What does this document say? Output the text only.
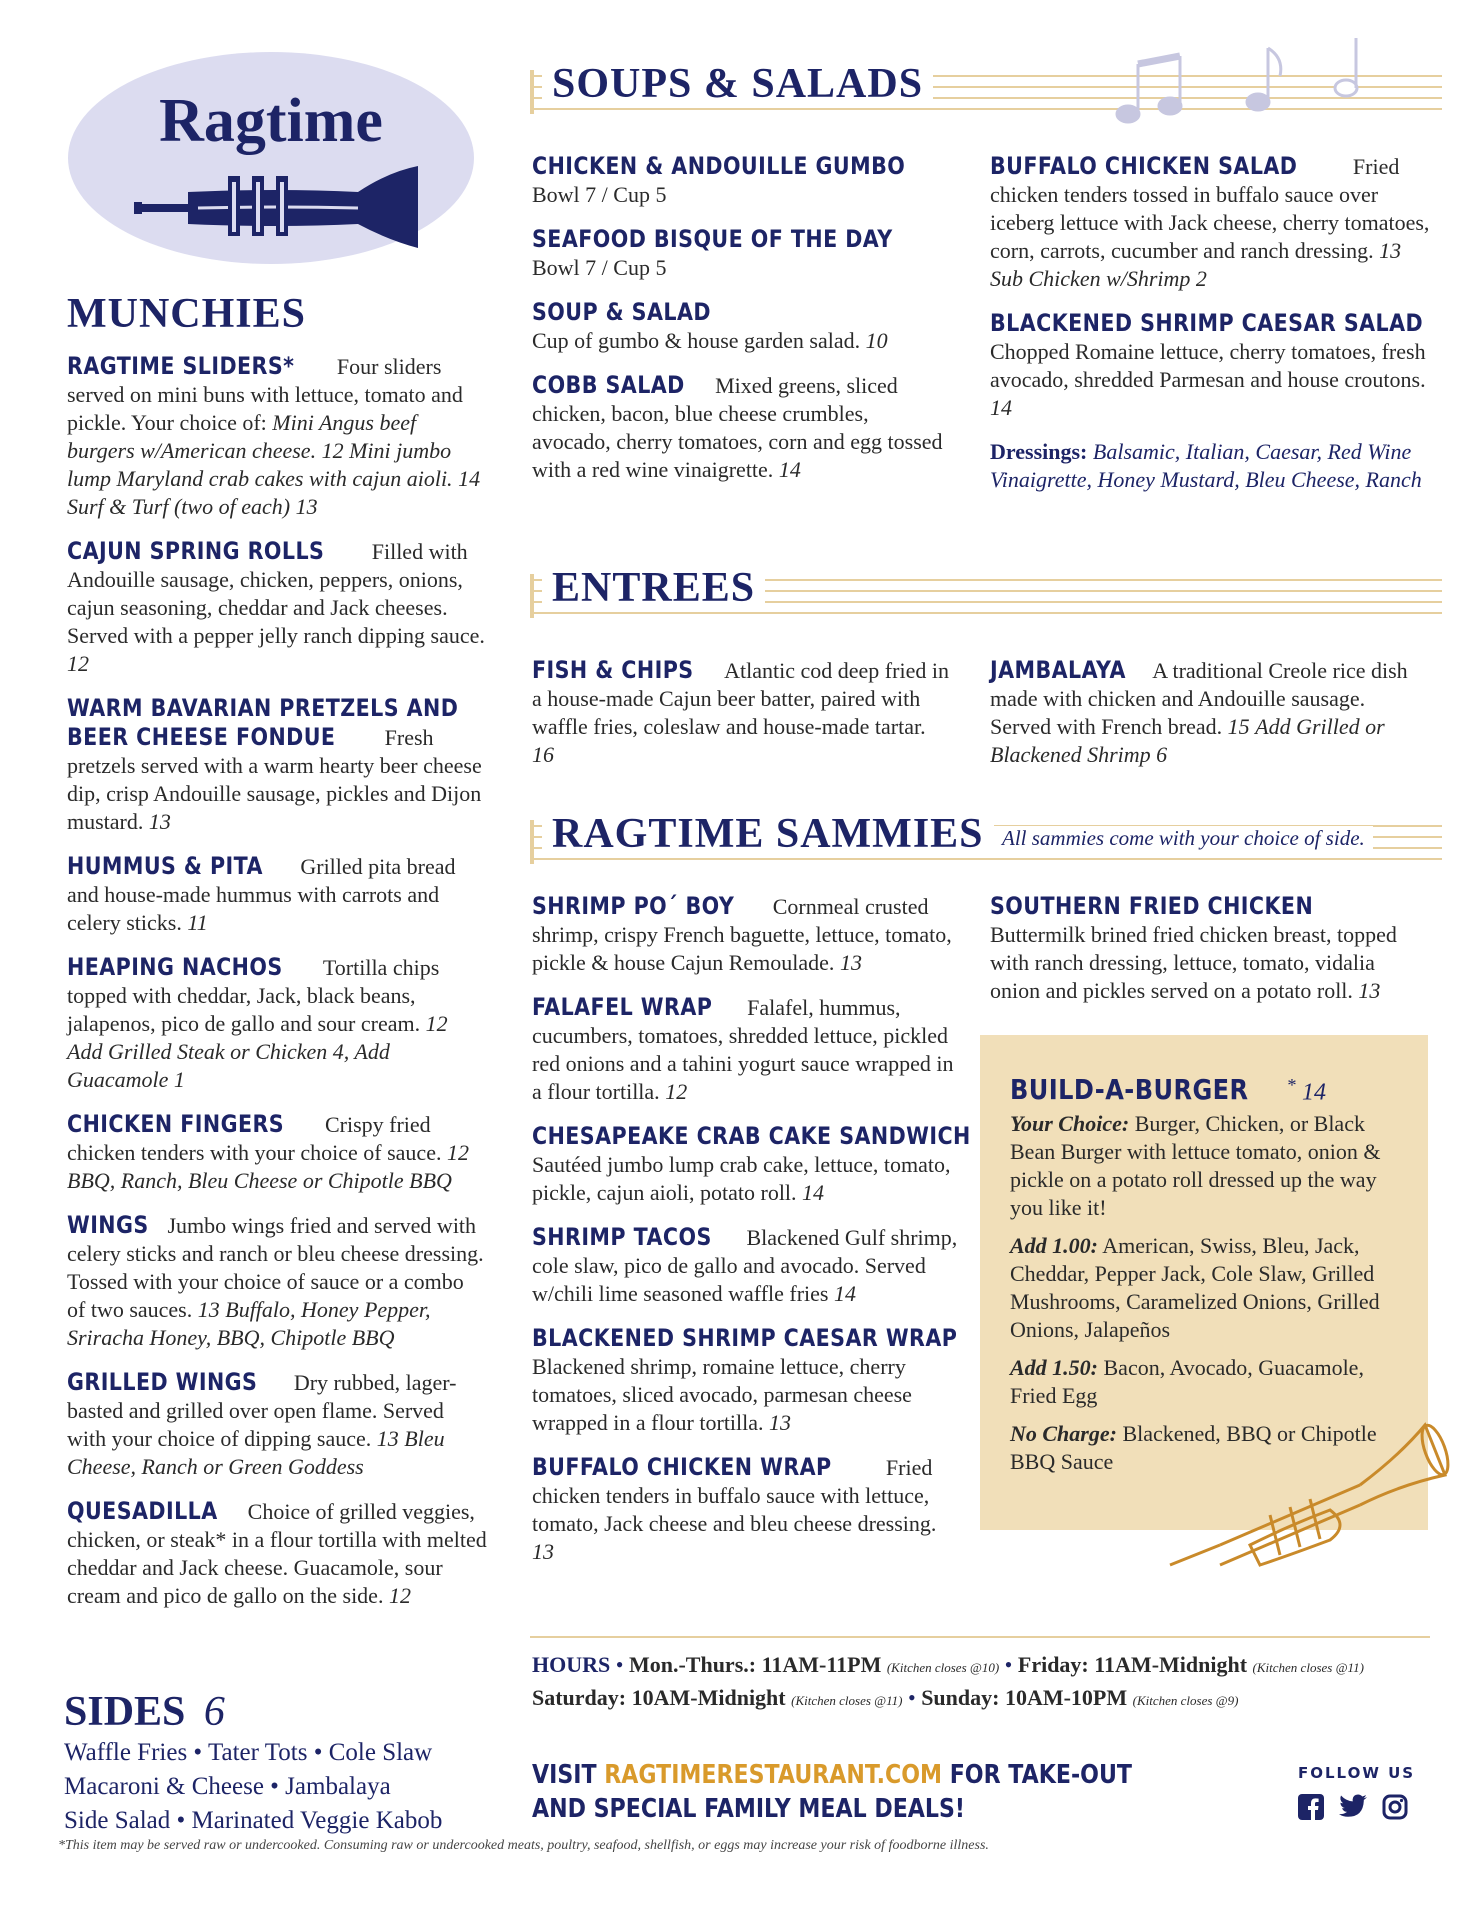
Ragtime
MUNCHIES

RAGTIME SLIDERS* Four sliders served on mini buns with lettuce, tomato and pickle. Your choice of: Mini Angus beef burgers w/American cheese. 12 Mini jumbo lump Maryland crab cakes with cajun aioli. 14 Surf & Turf (two of each) 13

CAJUN SPRING ROLLS Filled with Andouille sausage, chicken, peppers, onions, cajun seasoning, cheddar and Jack cheeses. Served with a pepper jelly ranch dipping sauce. 12

WARM BAVARIAN PRETZELS AND
BEER CHEESE FONDUE Fresh pretzels served with a warm hearty beer cheese dip, crisp Andouille sausage, pickles and Dijon mustard. 13

HUMMUS & PITA Grilled pita bread and house-made hummus with carrots and celery sticks. 11

HEAPING NACHOS Tortilla chips topped with cheddar, Jack, black beans, jalapenos, pico de gallo and sour cream. 12 Add Grilled Steak or Chicken 4, Add Guacamole 1

CHICKEN FINGERS Crispy fried chicken tenders with your choice of sauce. 12 BBQ, Ranch, Bleu Cheese or Chipotle BBQ

WINGS Jumbo wings fried and served with celery sticks and ranch or bleu cheese dressing. Tossed with your choice of sauce or a combo of two sauces. 13 Buffalo, Honey Pepper, Sriracha Honey, BBQ, Chipotle BBQ

GRILLED WINGS Dry rubbed, lager-basted and grilled over open flame. Served with your choice of dipping sauce. 13 Bleu Cheese, Ranch or Green Goddess

QUESADILLA Choice of grilled veggies, chicken, or steak* in a flour tortilla with melted cheddar and Jack cheese. Guacamole, sour cream and pico de gallo on the side. 12

SIDES 6
Waffle Fries • Tater Tots • Cole Slaw
Macaroni & Cheese • Jambalaya
Side Salad • Marinated Veggie Kabob
*This item may be served raw or undercooked. Consuming raw or undercooked meats, poultry, seafood, shellfish, or eggs may increase your risk of foodborne illness.
SOUPS & SALADS
CHICKEN & ANDOUILLE GUMBO
Bowl 7 / Cup 5
SEAFOOD BISQUE OF THE DAY
Bowl 7 / Cup 5
SOUP & SALAD
Cup of gumbo & house garden salad. 10
COBB SALAD Mixed greens, sliced chicken, bacon, blue cheese crumbles, avocado, cherry tomatoes, corn and egg tossed with a red wine vinaigrette. 14
BUFFALO CHICKEN SALAD	Fried chicken tenders tossed in buffalo sauce over iceberg lettuce with Jack cheese, cherry tomatoes, corn, carrots, cucumber and ranch dressing. 13 Sub Chicken w/Shrimp 2
BLACKENED SHRIMP CAESAR SALAD
Chopped Romaine lettuce, cherry tomatoes, fresh avocado, shredded Parmesan and house croutons. 14
Dressings: Balsamic, Italian, Caesar, Red Wine Vinaigrette, Honey Mustard, Bleu Cheese, Ranch
ENTREES
FISH & CHIPS Atlantic cod deep fried in a house-made Cajun beer batter, paired with waffle fries, coleslaw and house-made tartar. 16
JAMBALAYA A traditional Creole rice dish made with chicken and Andouille sausage. Served with French bread. 15 Add Grilled or Blackened Shrimp 6
RAGTIME SAMMIES All sammies come with your choice of side.
SHRIMP PO´ BOY Cornmeal crusted shrimp, crispy French baguette, lettuce, tomato, pickle & house Cajun Remoulade. 13
FALAFEL WRAP Falafel, hummus, cucumbers, tomatoes, shredded lettuce, pickled red onions and a tahini yogurt sauce wrapped in a flour tortilla. 12
CHESAPEAKE CRAB CAKE SANDWICH
Sautéed jumbo lump crab cake, lettuce, tomato, pickle, cajun aioli, potato roll. 14
SHRIMP TACOS Blackened Gulf shrimp, cole slaw, pico de gallo and avocado. Served w/chili lime seasoned waffle fries 14
BLACKENED SHRIMP CAESAR WRAP
Blackened shrimp, romaine lettuce, cherry tomatoes, sliced avocado, parmesan cheese wrapped in a flour tortilla. 13
BUFFALO CHICKEN WRAP Fried chicken tenders in buffalo sauce with lettuce, tomato, Jack cheese and bleu cheese dressing. 13
SOUTHERN FRIED CHICKEN Buttermilk brined fried chicken breast, topped with ranch dressing, lettuce, tomato, vidalia onion and pickles served on a potato roll. 13
BUILD-A-BURGER * 14

Your Choice: Burger, Chicken, or Black Bean Burger with lettuce tomato, onion & pickle on a potato roll dressed up the way you like it!

Add 1.00: American, Swiss, Bleu, Jack, Cheddar, Pepper Jack, Cole Slaw, Grilled Mushrooms, Caramelized Onions, Grilled Onions, Jalapeños

Add 1.50: Bacon, Avocado, Guacamole, Fried Egg

No Charge: Blackened, BBQ or Chipotle BBQ Sauce

HOURS • Mon.-Thurs.: 11AM-11PM (Kitchen closes @10) • Friday: 11AM-Midnight (Kitchen closes @11)
Saturday: 10AM-Midnight (Kitchen closes @11) • Sunday: 10AM-10PM (Kitchen closes @9)
VISIT RAGTIMERESTAURANT.COM FOR TAKE-OUT
AND SPECIAL FAMILY MEAL DEALS!
FOLLOW US
